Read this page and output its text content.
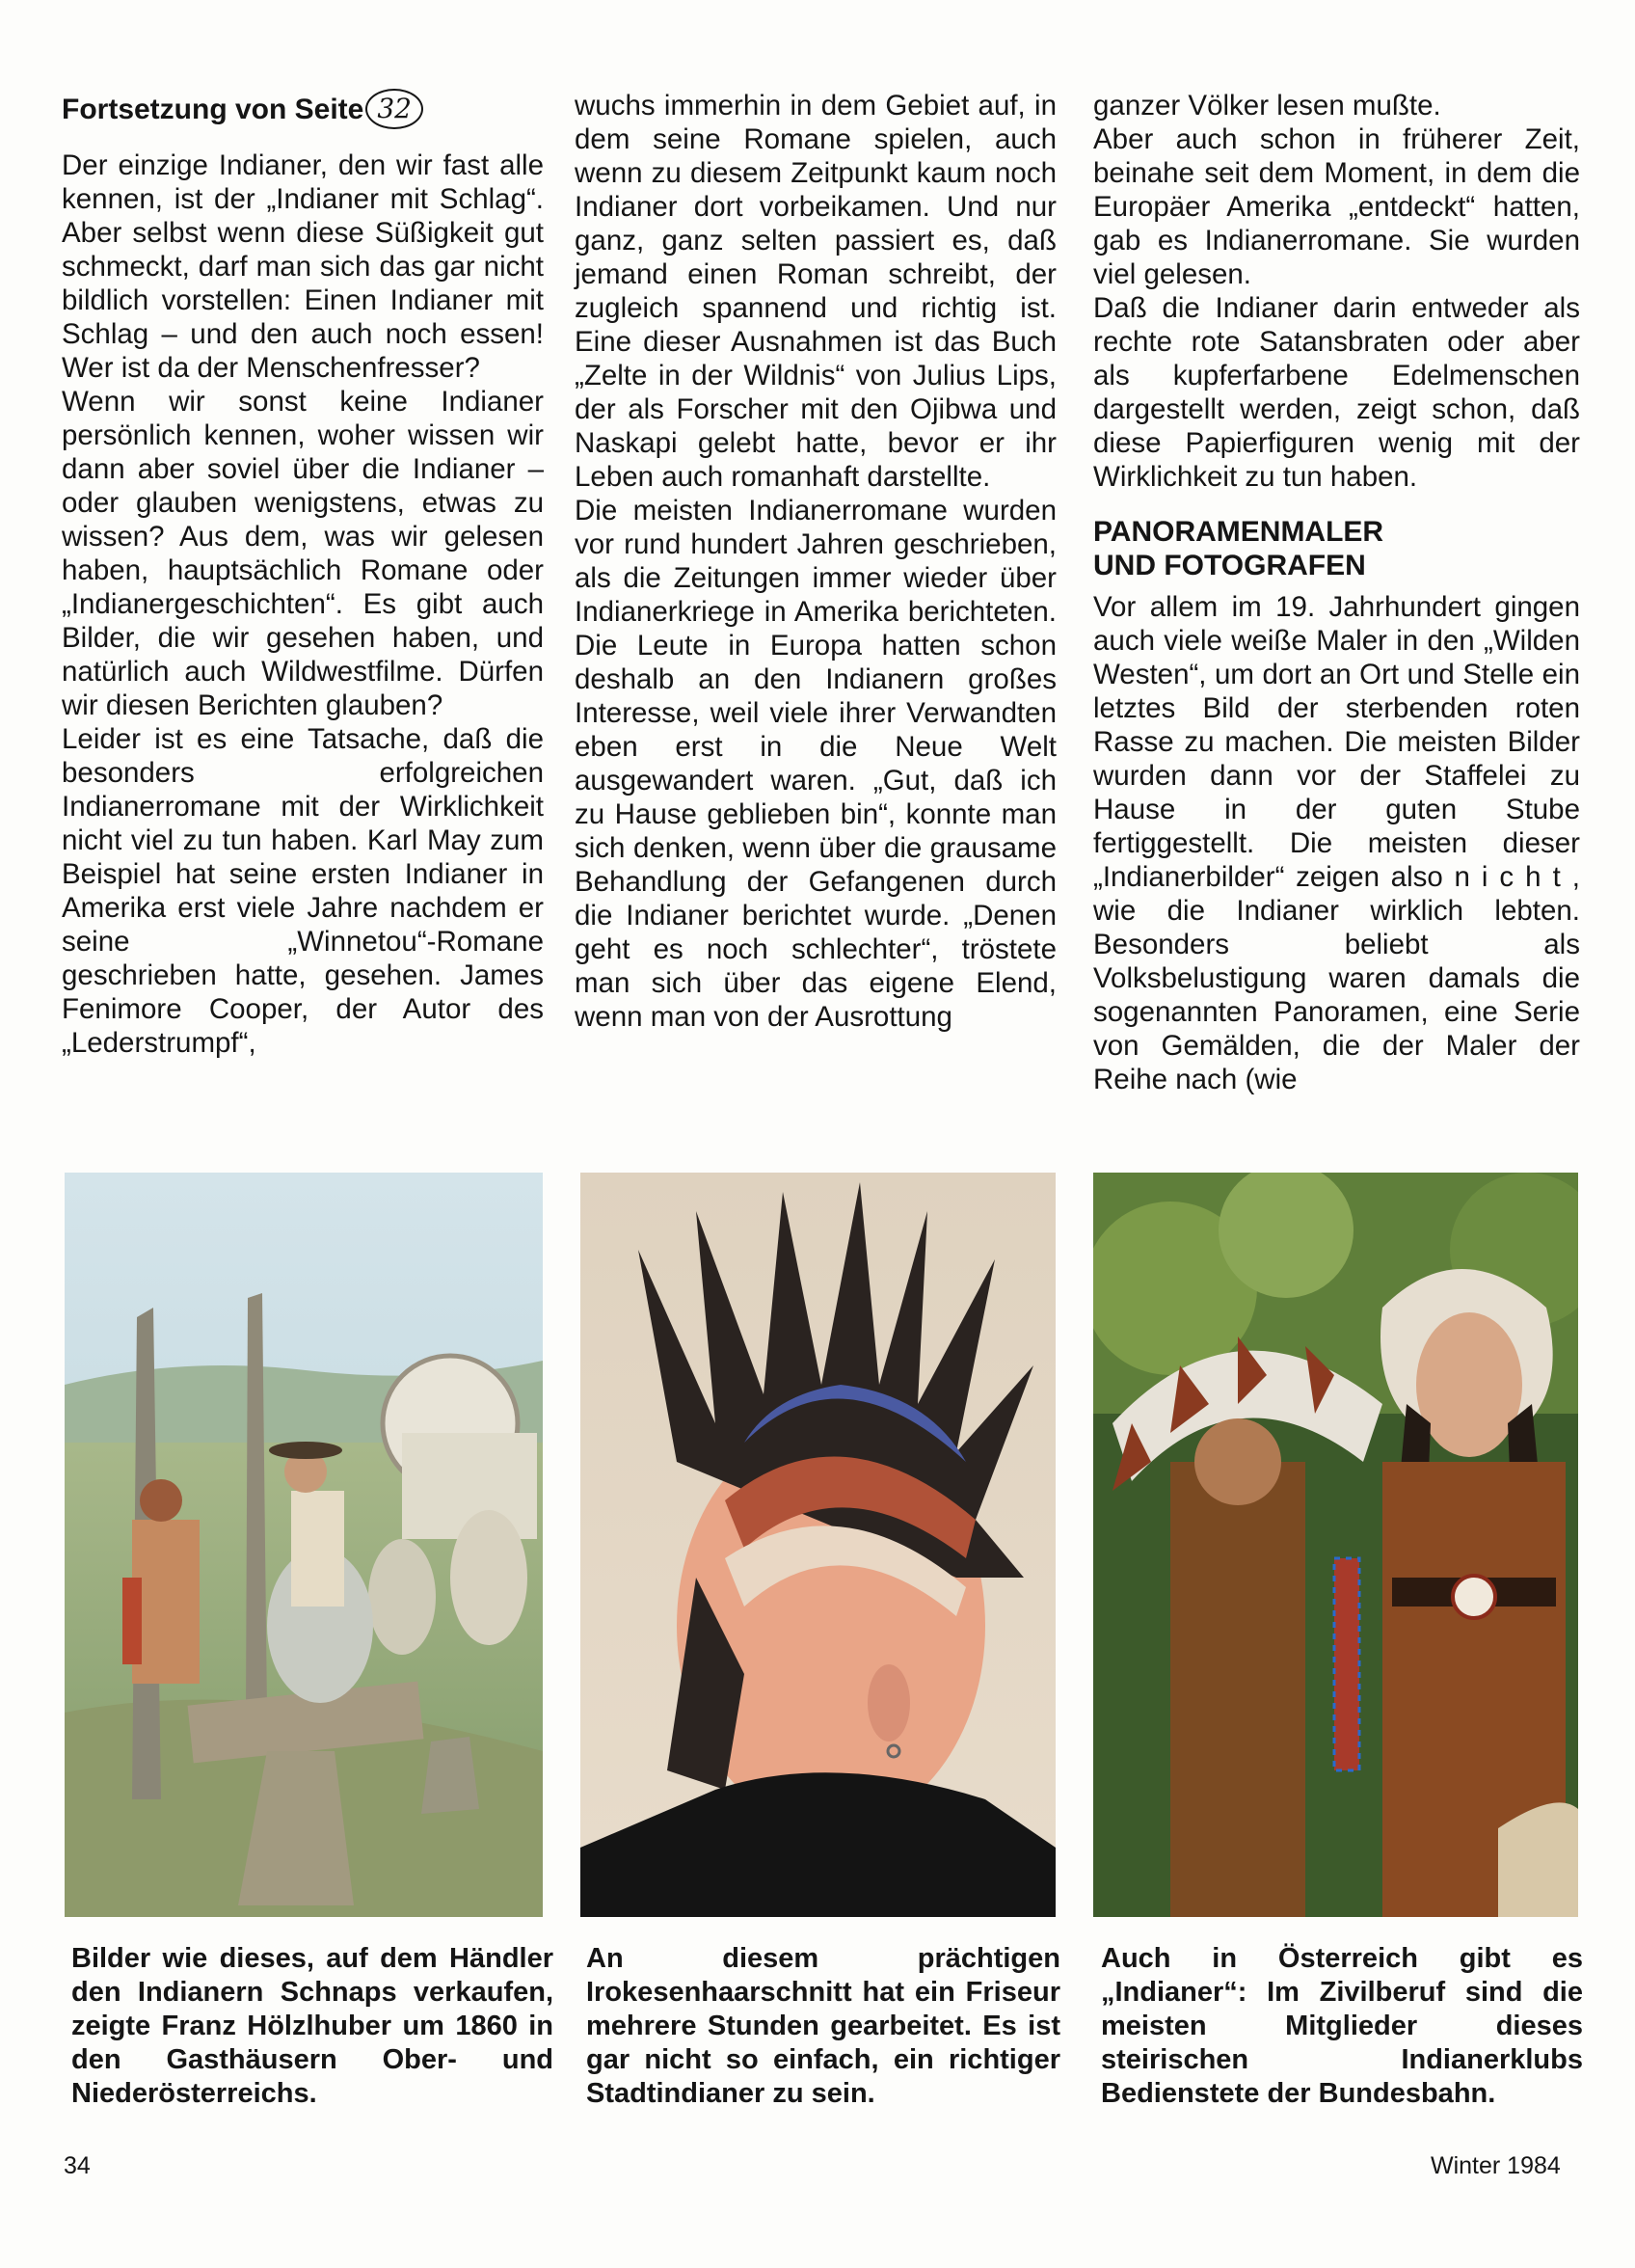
Fortsetzung von Seite 32

Der einzige Indianer, den wir fast alle kennen, ist der „Indianer mit Schlag“. Aber selbst wenn diese Süßigkeit gut schmeckt, darf man sich das gar nicht bildlich vorstellen: Einen Indianer mit Schlag – und den auch noch essen! Wer ist da der Menschenfresser?

Wenn wir sonst keine Indianer persönlich kennen, woher wissen wir dann aber soviel über die Indianer – oder glauben wenigstens, etwas zu wissen? Aus dem, was wir gelesen haben, hauptsächlich Romane oder „Indianergeschichten“. Es gibt auch Bilder, die wir gesehen haben, und natürlich auch Wildwestfilme. Dürfen wir diesen Berichten glauben?

Leider ist es eine Tatsache, daß die besonders erfolgreichen Indianerromane mit der Wirklichkeit nicht viel zu tun haben. Karl May zum Beispiel hat seine ersten Indianer in Amerika erst viele Jahre nachdem er seine „Winnetou“-Romane geschrieben hatte, gesehen. James Fenimore Cooper, der Autor des „Lederstrumpf“,

wuchs immerhin in dem Gebiet auf, in dem seine Romane spielen, auch wenn zu diesem Zeitpunkt kaum noch Indianer dort vorbeikamen. Und nur ganz, ganz selten passiert es, daß jemand einen Roman schreibt, der zugleich spannend und richtig ist. Eine dieser Ausnahmen ist das Buch „Zelte in der Wildnis“ von Julius Lips, der als Forscher mit den Ojibwa und Naskapi gelebt hatte, bevor er ihr Leben auch romanhaft darstellte.

Die meisten Indianerromane wurden vor rund hundert Jahren geschrieben, als die Zeitungen immer wieder über Indianerkriege in Amerika berichteten. Die Leute in Europa hatten schon deshalb an den Indianern großes Interesse, weil viele ihrer Verwandten eben erst in die Neue Welt ausgewandert waren. „Gut, daß ich zu Hause geblieben bin“, konnte man sich denken, wenn über die grausame Behandlung der Gefangenen durch die Indianer berichtet wurde. „Denen geht es noch schlechter“, tröstete man sich über das eigene Elend, wenn man von der Ausrottung

ganzer Völker lesen mußte.

Aber auch schon in früherer Zeit, beinahe seit dem Moment, in dem die Europäer Amerika „entdeckt“ hatten, gab es Indianerromane. Sie wurden viel gelesen.

Daß die Indianer darin entweder als rechte rote Satansbraten oder aber als kupferfarbene Edelmenschen dargestellt werden, zeigt schon, daß diese Papierfiguren wenig mit der Wirklichkeit zu tun haben.

PANORAMENMALER
UND FOTOGRAFEN

Vor allem im 19. Jahrhundert gingen auch viele weiße Maler in den „Wilden Westen“, um dort an Ort und Stelle ein letztes Bild der sterbenden roten Rasse zu machen. Die meisten Bilder wurden dann vor der Staffelei zu Hause in der guten Stube fertiggestellt. Die meisten dieser „Indianerbilder“ zeigen also nicht, wie die Indianer wirklich lebten. Besonders beliebt als Volksbelustigung waren damals die sogenannten Panoramen, eine Serie von Gemälden, die der Maler der Reihe nach (wie

Bilder wie dieses, auf dem Händler den Indianern Schnaps verkaufen, zeigte Franz Hölzlhuber um 1860 in den Gasthäusern Ober- und Niederösterreichs.
An diesem prächtigen Irokesenhaarschnitt hat ein Friseur mehrere Stunden gearbeitet. Es ist gar nicht so einfach, ein richtiger Stadtindianer zu sein.
Auch in Österreich gibt es „Indianer“: Im Zivilberuf sind die meisten Mitglieder dieses steirischen Indianerklubs Bedienstete der Bundesbahn.
34	Winter 1984
